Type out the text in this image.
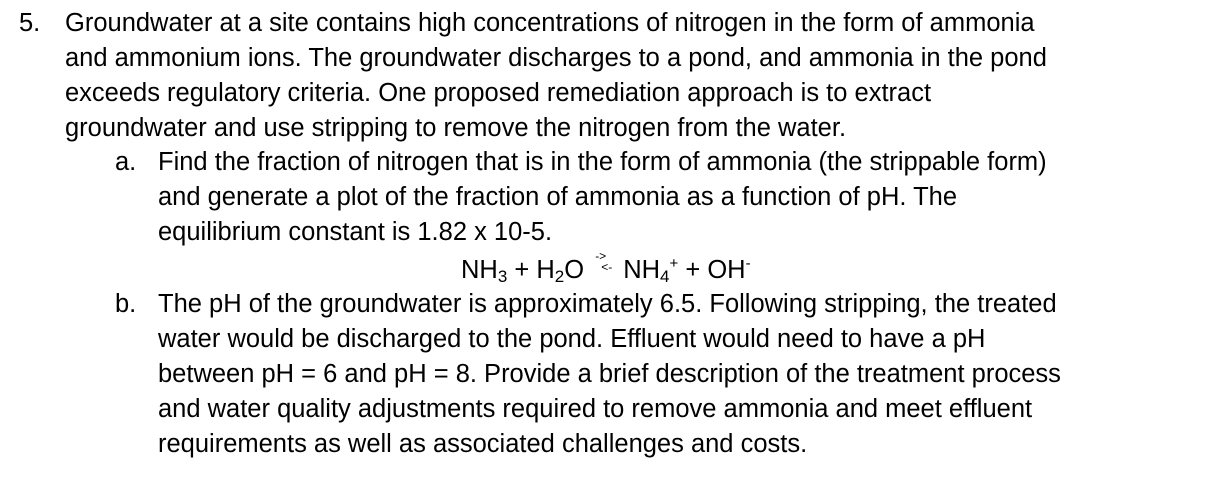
5. Groundwater at a site contains high concentrations of nitrogen in the form of ammonia
and ammonium ions. The groundwater discharges to a pond, and ammonia in the pond
exceeds regulatory criteria. One proposed remediation approach is to extract
groundwater and use stripping to remove the nitrogen from the water.
a. Find the fraction of nitrogen that is in the form of ammonia (the strippable form)
and generate a plot of the fraction of ammonia as a function of pH. The
equilibrium constant is 1.82 x 10-5.
$NH_3 + H_2O$ ->
<- $NH_4^+ + OH^-$
b. The pH of the groundwater is approximately 6.5. Following stripping, the treated
water would be discharged to the pond. Effluent would need to have a pH
between pH = 6 and pH = 8. Provide a brief description of the treatment process
and water quality adjustments required to remove ammonia and meet effluent
requirements as well as associated challenges and costs.
